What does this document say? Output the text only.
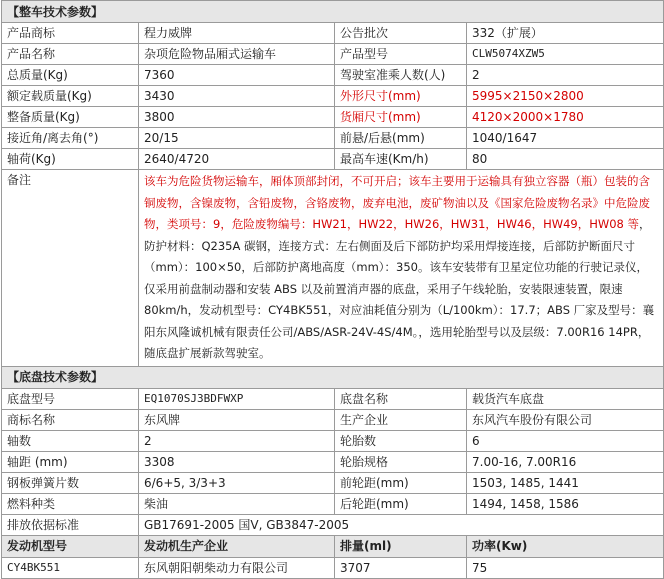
【整车技术参数】			
产品商标	程力威牌	公告批次	332（扩展）
产品名称	杂项危险物品厢式运输车	产品型号	CLW5074XZW5
总质量(Kg)	7360	驾驶室准乘人数(人)	2
额定载质量(Kg)	3430	外形尺寸(mm)	5995×2150×2800
整备质量(Kg)	3800	货厢尺寸(mm)	4120×2000×1780
接近角/离去角(°)	20/15	前悬/后悬(mm)	1040/1647
轴荷(Kg)	2640/4720	最高车速(Km/h)	80
备注	该车为危险货物运输车，厢体顶部封闭，不可开启；该车主要用于运输具有独立容器（瓶）包装的含铜废物，含镍废物，含铅废物，含铬废物，废弃电池，废矿物油以及《国家危险废物名录》中危险废物，类项号：9，危险废物编号：HW21，HW22，HW26，HW31，HW46，HW49，HW08 等，防护材料：Q235A 碳钢，连接方式：左右侧面及后下部防护均采用焊接连接，后部防护断面尺寸（mm）：100×50，后部防护离地高度（mm）：350。该车安装带有卫星定位功能的行驶记录仪，仅采用前盘制动器和安装 ABS 以及前置消声器的底盘，采用子午线轮胎，安装限速装置，限速 80km/h，发动机型号：CY4BK551，对应油耗值分别为（L/100km）：17.7；ABS 厂家及型号：襄阳东风隆诚机械有限责任公司/ABS/ASR-24V-4S/4M。，选用轮胎型号以及层级：7.00R16 14PR，随底盘扩展新款驾驶室。		
【底盘技术参数】			
底盘型号	EQ1070SJ3BDFWXP	底盘名称	载货汽车底盘
商标名称	东风牌	生产企业	东风汽车股份有限公司
轴数	2	轮胎数	6
轴距 (mm)	3308	轮胎规格	7.00-16, 7.00R16
钢板弹簧片数	6/6+5, 3/3+3	前轮距(mm)	1503, 1485, 1441
燃料种类	柴油	后轮距(mm)	1494, 1458, 1586
排放依据标准	GB17691-2005 国V, GB3847-2005		
发动机型号	发动机生产企业	排量(ml)	功率(Kw)
CY4BK551	东风朝阳朝柴动力有限公司	3707	75
